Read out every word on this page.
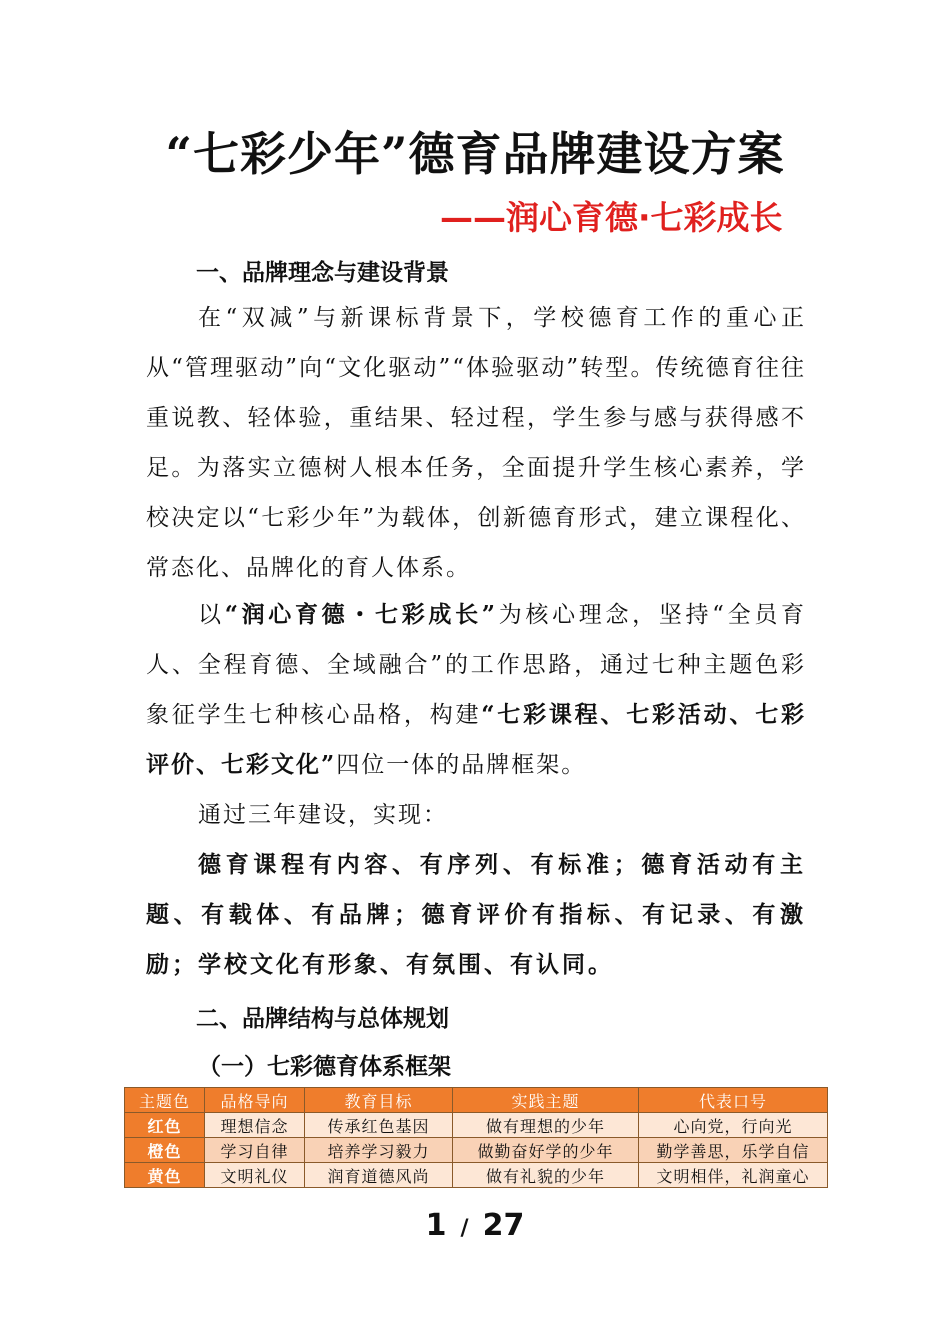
“七彩少年”德育品牌建设方案
——润心育德·七彩成长
一、品牌理念与建设背景
在“双减”与新课标背景下，学校德育工作的重心正从“管理驱动”向“文化驱动”“体验驱动”转型。传统德育往往重说教、轻体验，重结果、轻过程，学生参与感与获得感不足。为落实立德树人根本任务，全面提升学生核心素养，学校决定以“七彩少年”为载体，创新德育形式，建立课程化、常态化、品牌化的育人体系。
以“润心育德・七彩成长”为核心理念，坚持“全员育人、全程育德、全域融合”的工作思路，通过七种主题色彩象征学生七种核心品格，构建“七彩课程、七彩活动、七彩评价、七彩文化”四位一体的品牌框架。
通过三年建设，实现：
德育课程有内容、有序列、有标准；德育活动有主题、有载体、有品牌；德育评价有指标、有记录、有激励；学校文化有形象、有氛围、有认同。
二、品牌结构与总体规划
（一）七彩德育体系框架
主题色	品格导向	教育目标	实践主题	代表口号
红色	理想信念	传承红色基因	做有理想的少年	心向党，行向光
橙色	学习自律	培养学习毅力	做勤奋好学的少年	勤学善思，乐学自信
黄色	文明礼仪	润育道德风尚	做有礼貌的少年	文明相伴，礼润童心
1 / 27
